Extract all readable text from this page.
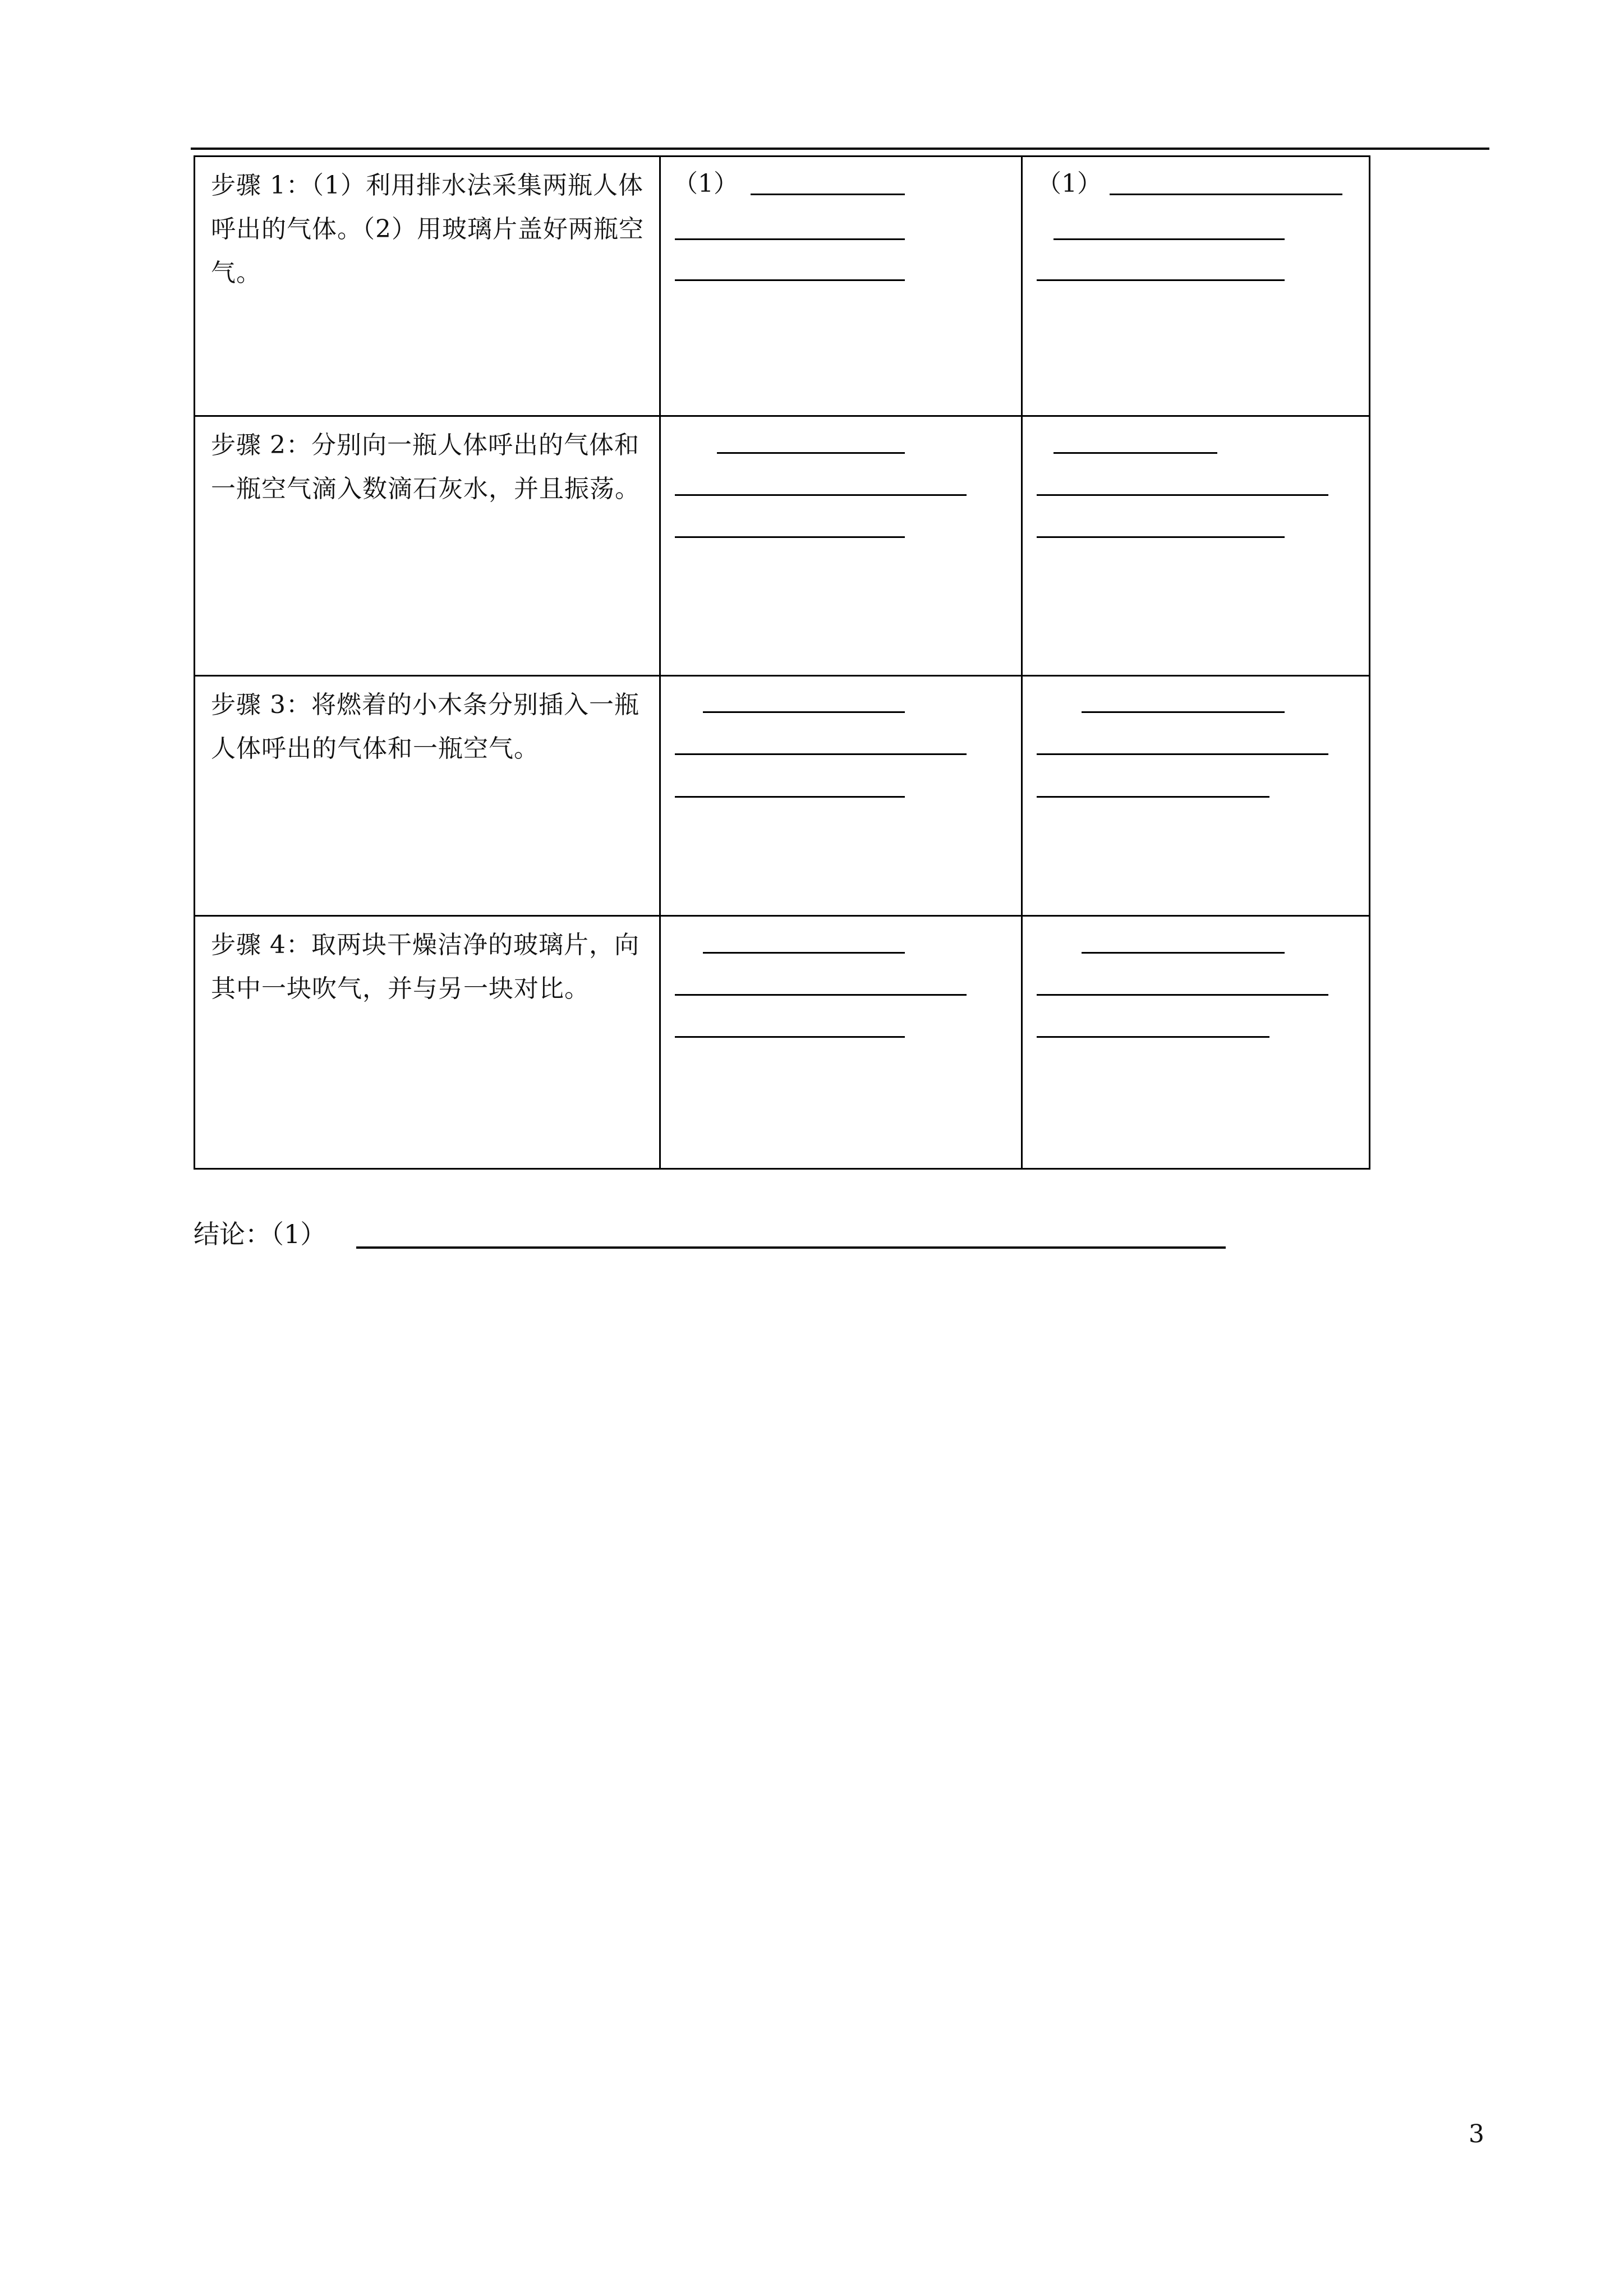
步骤 1：（1）利用排水法采集两瓶人体呼出的气体。（2）用玻璃片盖好两瓶空气。	（1）	（1）

步骤 2：分别向一瓶人体呼出的气体和一瓶空气滴入数滴石灰水，并且振荡。		

步骤 3：将燃着的小木条分别插入一瓶人体呼出的气体和一瓶空气。		

步骤 4：取两块干燥洁净的玻璃片，向其中一块吹气，并与另一块对比。		

结论：（1）
3
